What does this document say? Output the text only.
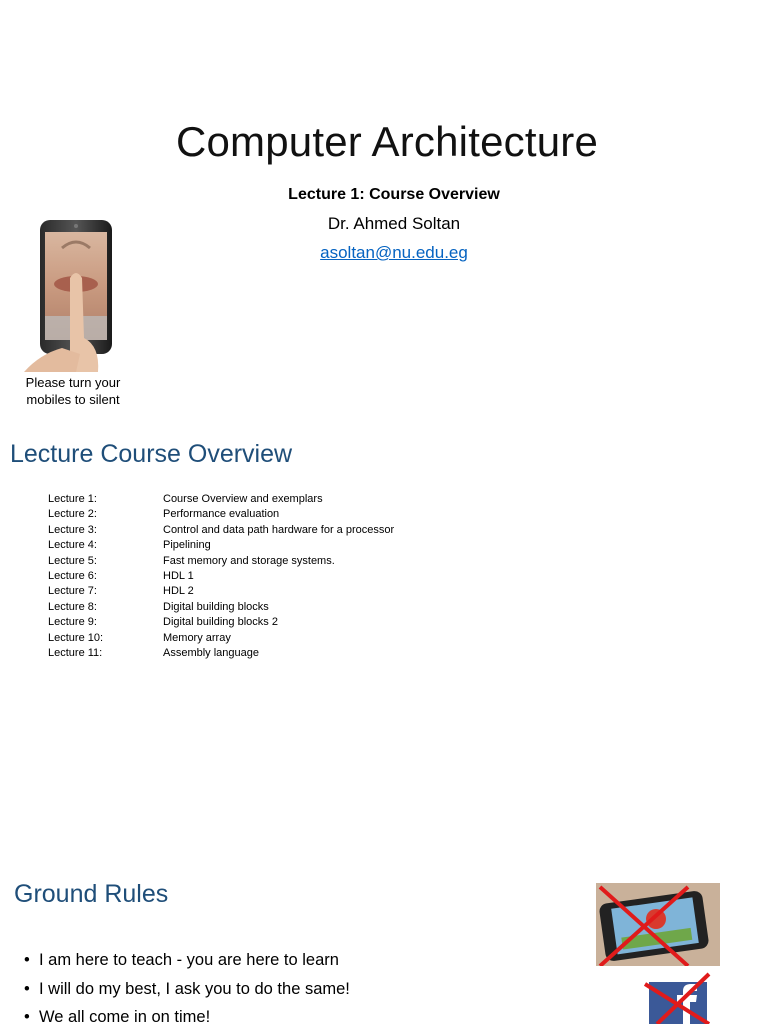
Computer Architecture
Lecture 1: Course Overview
Dr. Ahmed Soltan
asoltan@nu.edu.eg
Please turn your
mobiles to silent
Lecture Course Overview
Lecture 1:	Course Overview and exemplars
Lecture 2:	Performance evaluation
Lecture 3:	Control and data path hardware for a processor
Lecture 4:	Pipelining
Lecture 5:	Fast memory and storage systems.
Lecture 6:	HDL 1
Lecture 7:	HDL 2
Lecture 8:	Digital building blocks
Lecture 9:	Digital building blocks 2
Lecture 10:	Memory array
Lecture 11:	Assembly language
Ground Rules
• I am here to teach - you are here to learn
• I will do my best, I ask you to do the same!
• We all come in on time!
